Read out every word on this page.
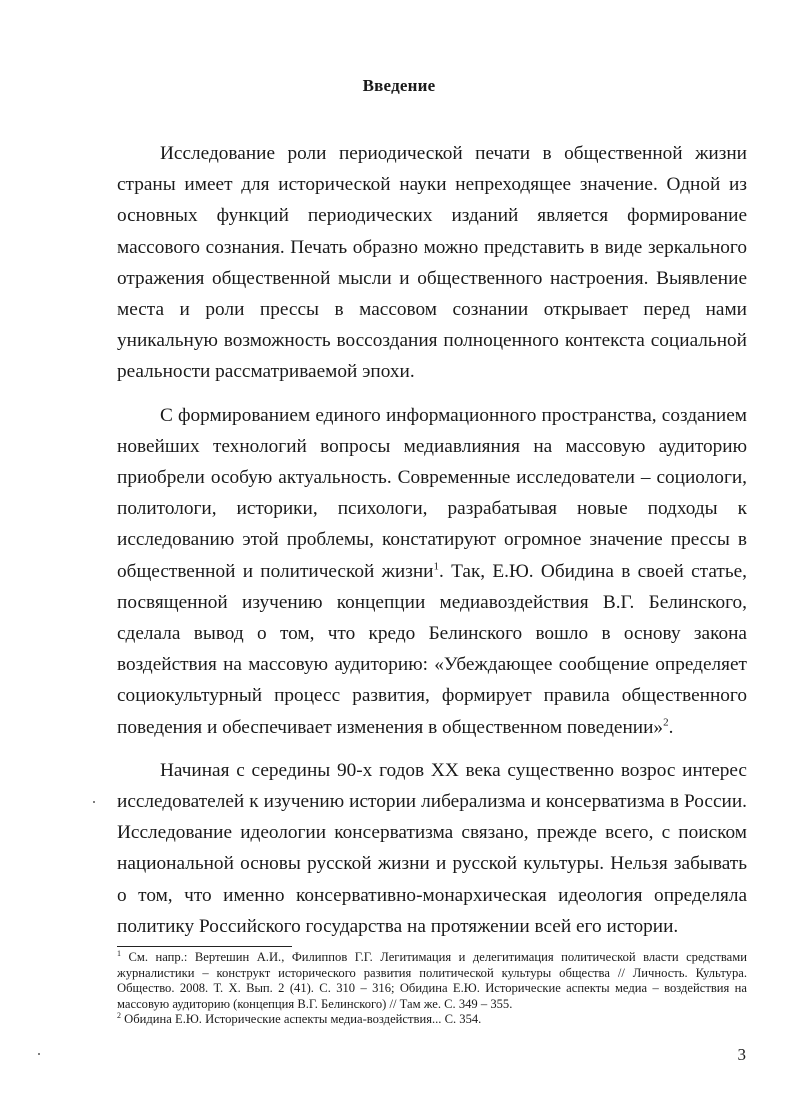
Введение

Исследование роли периодической печати в общественной жизни страны имеет для исторической науки непреходящее значение. Одной из основных функций периодических изданий является формирование массового сознания. Печать образно можно представить в виде зеркального отражения общественной мысли и общественного настроения. Выявление места и роли прессы в массовом сознании открывает перед нами уникальную возможность воссоздания полноценного контекста социальной реальности рассматриваемой эпохи.

С формированием единого информационного пространства, созданием новейших технологий вопросы медиавлияния на массовую аудиторию приобрели особую актуальность. Современные исследователи – социологи, политологи, историки, психологи, разрабатывая новые подходы к исследованию этой проблемы, констатируют огромное значение прессы в общественной и политической жизни$^1$. Так, Е.Ю. Обидина в своей статье, посвященной изучению концепции медиавоздействия В.Г. Белинского, сделала вывод о том, что кредо Белинского вошло в основу закона воздействия на массовую аудиторию: «Убеждающее сообщение определяет социокультурный процесс развития, формирует правила общественного поведения и обеспечивает изменения в общественном поведении»$^2$.

Начиная с середины 90-х годов ХХ века существенно возрос интерес исследователей к изучению истории либерализма и консерватизма в России. Исследование идеологии консерватизма связано, прежде всего, с поиском национальной основы русской жизни и русской культуры. Нельзя забывать о том, что именно консервативно-монархическая идеология определяла политику Российского государства на протяжении всей его истории.

$^1$ См. напр.: Вертешин А.И., Филиппов Г.Г. Легитимация и делегитимация политической власти средствами журналистики – конструкт исторического развития политической культуры общества // Личность. Культура. Общество. 2008. Т. Х. Вып. 2 (41). С. 310 – 316; Обидина Е.Ю. Исторические аспекты медиа – воздействия на массовую аудиторию (концепция В.Г. Белинского) // Там же. С. 349 – 355.

$^2$ Обидина Е.Ю. Исторические аспекты медиа-воздействия... С. 354.

3
